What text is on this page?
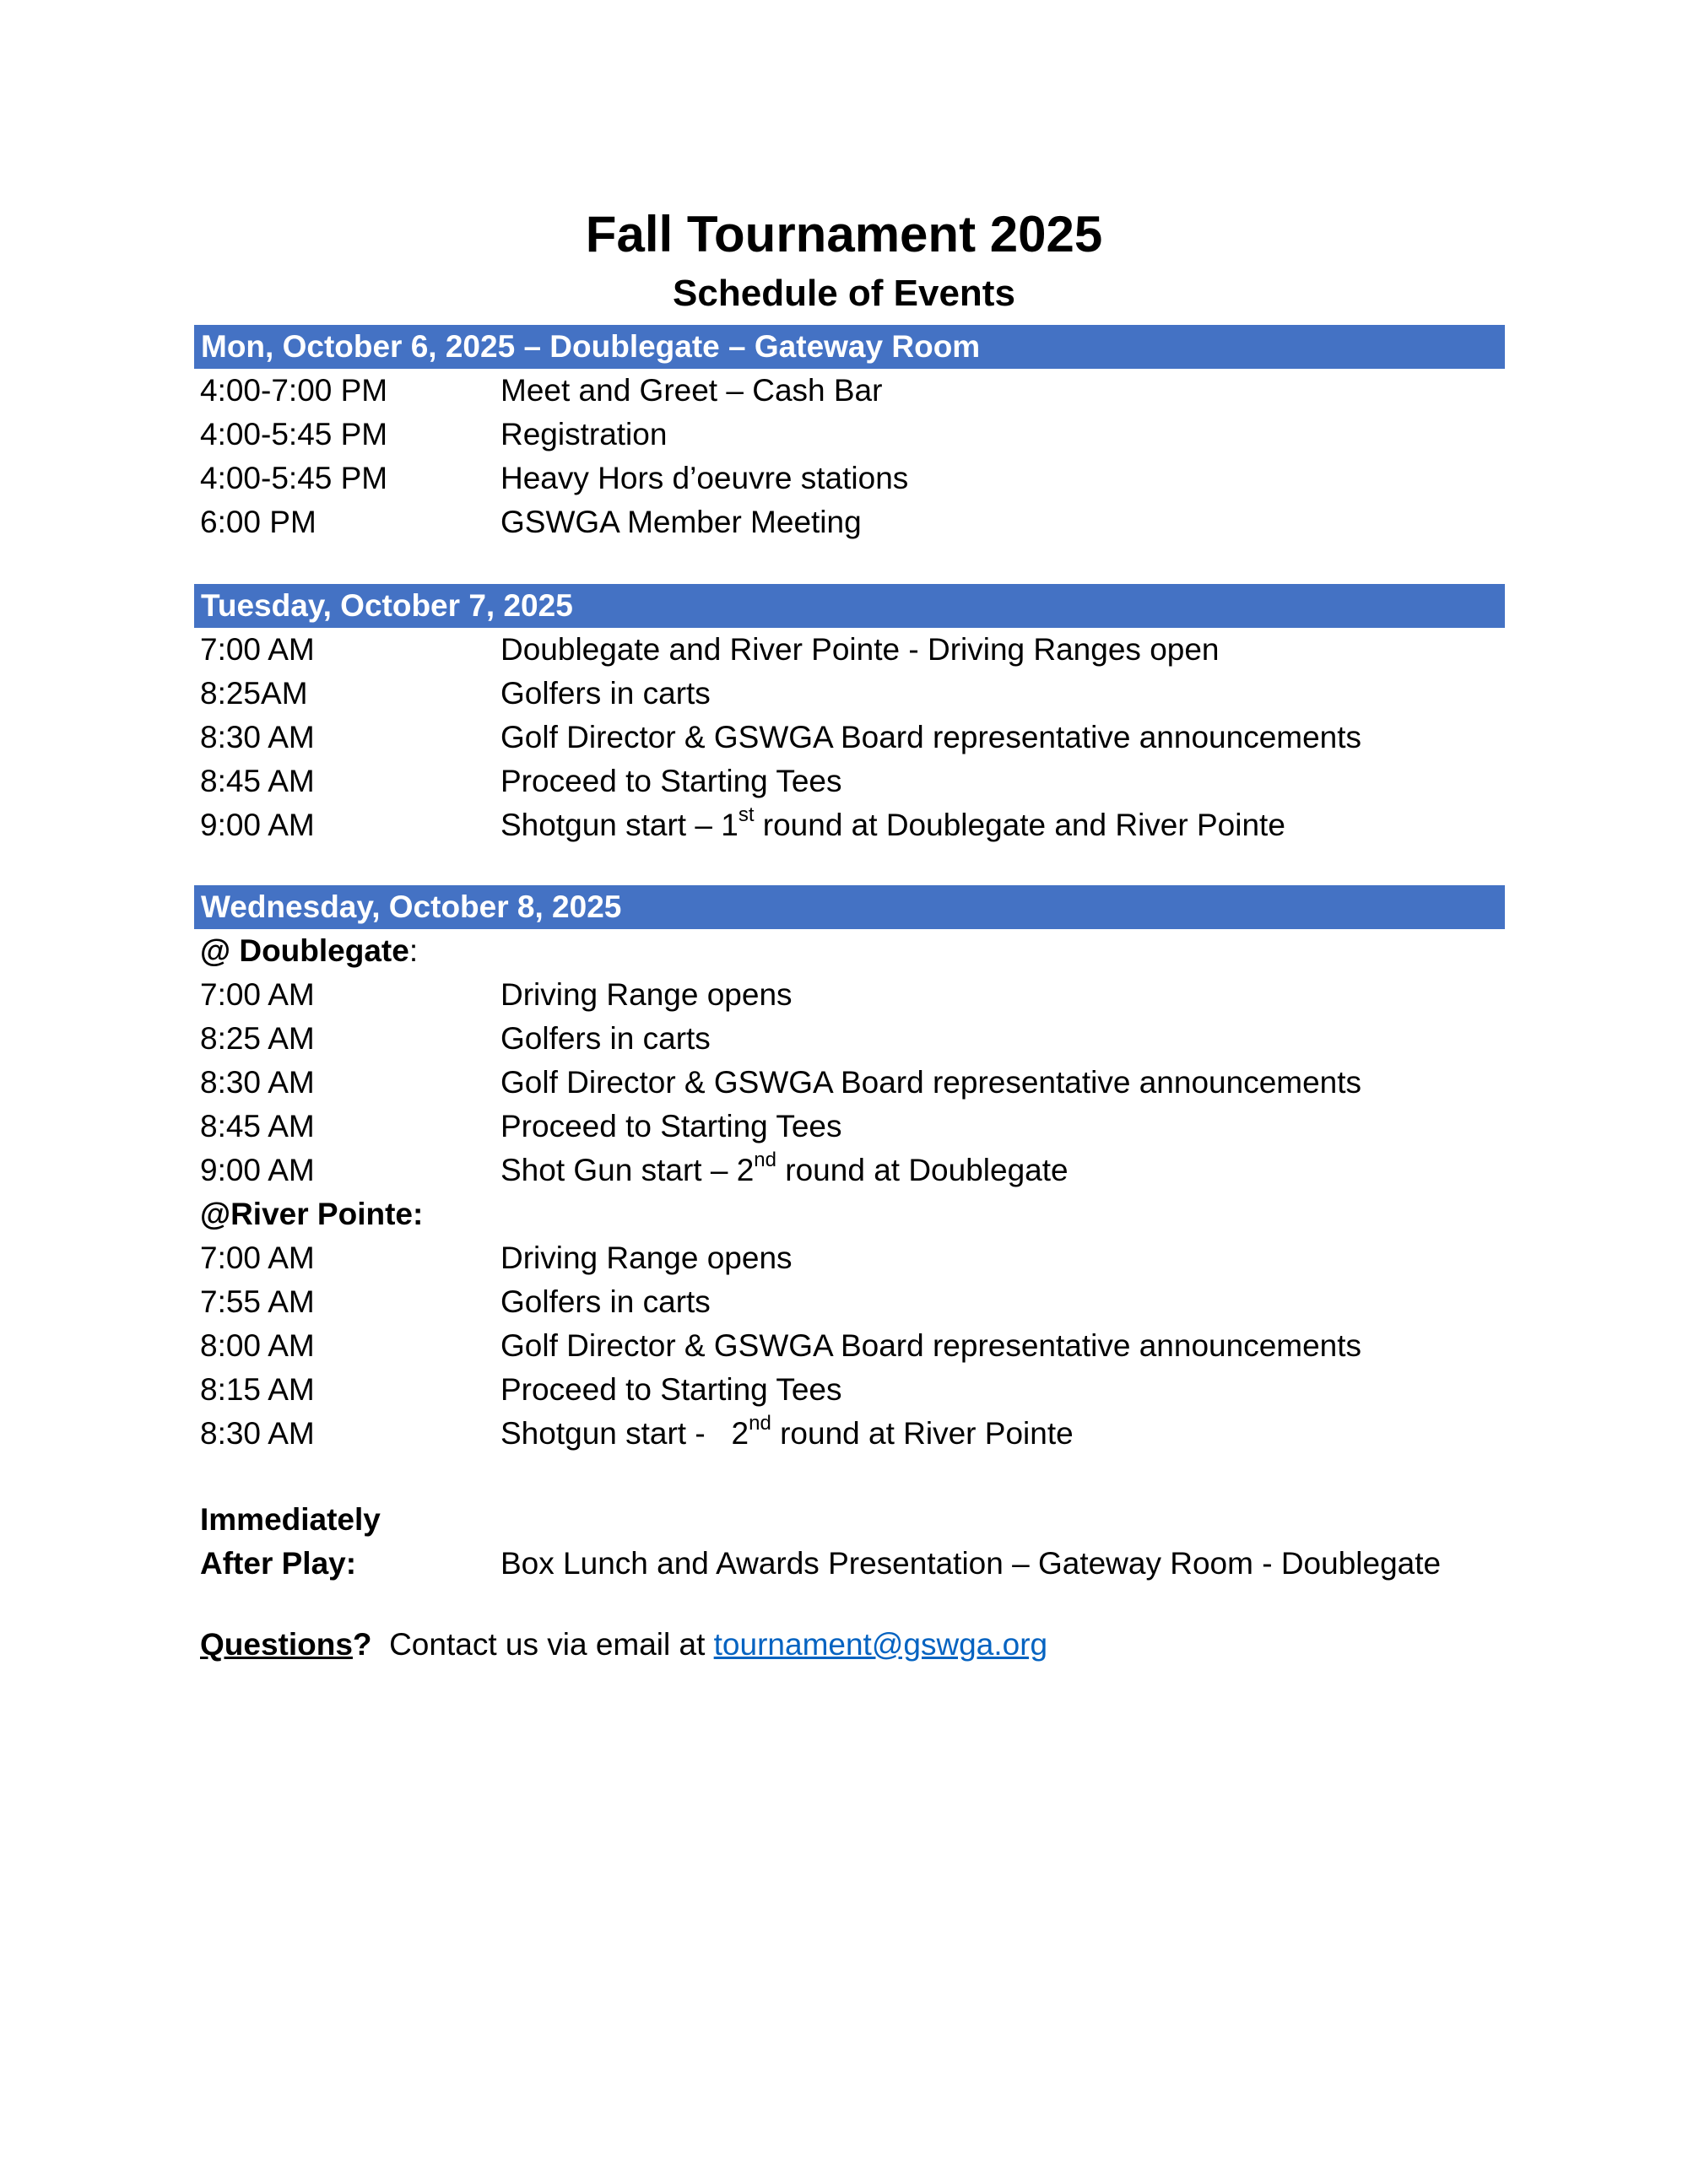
Fall Tournament 2025
Schedule of Events
Mon, October 6, 2025 – Doublegate – Gateway Room
4:00-7:00 PM	Meet and Greet – Cash Bar
4:00-5:45 PM	Registration
4:00-5:45 PM	Heavy Hors d’oeuvre stations
6:00 PM	GSWGA Member Meeting
Tuesday, October 7, 2025
7:00 AM	Doublegate and River Pointe - Driving Ranges open
8:25AM	Golfers in carts
8:30 AM	Golf Director & GSWGA Board representative announcements
8:45 AM	Proceed to Starting Tees
9:00 AM	Shotgun start – 1st round at Doublegate and River Pointe
Wednesday, October 8, 2025
@ Doublegate:
7:00 AM	Driving Range opens
8:25 AM	Golfers in carts
8:30 AM	Golf Director & GSWGA Board representative announcements
8:45 AM	Proceed to Starting Tees
9:00 AM	Shot Gun start – 2nd round at Doublegate
@River Pointe:
7:00 AM	Driving Range opens
7:55 AM	Golfers in carts
8:00 AM	Golf Director & GSWGA Board representative announcements
8:15 AM	Proceed to Starting Tees
8:30 AM	Shotgun start -   2nd round at River Pointe
Immediately
After Play:	Box Lunch and Awards Presentation – Gateway Room - Doublegate
Questions?  Contact us via email at tournament@gswga.org
